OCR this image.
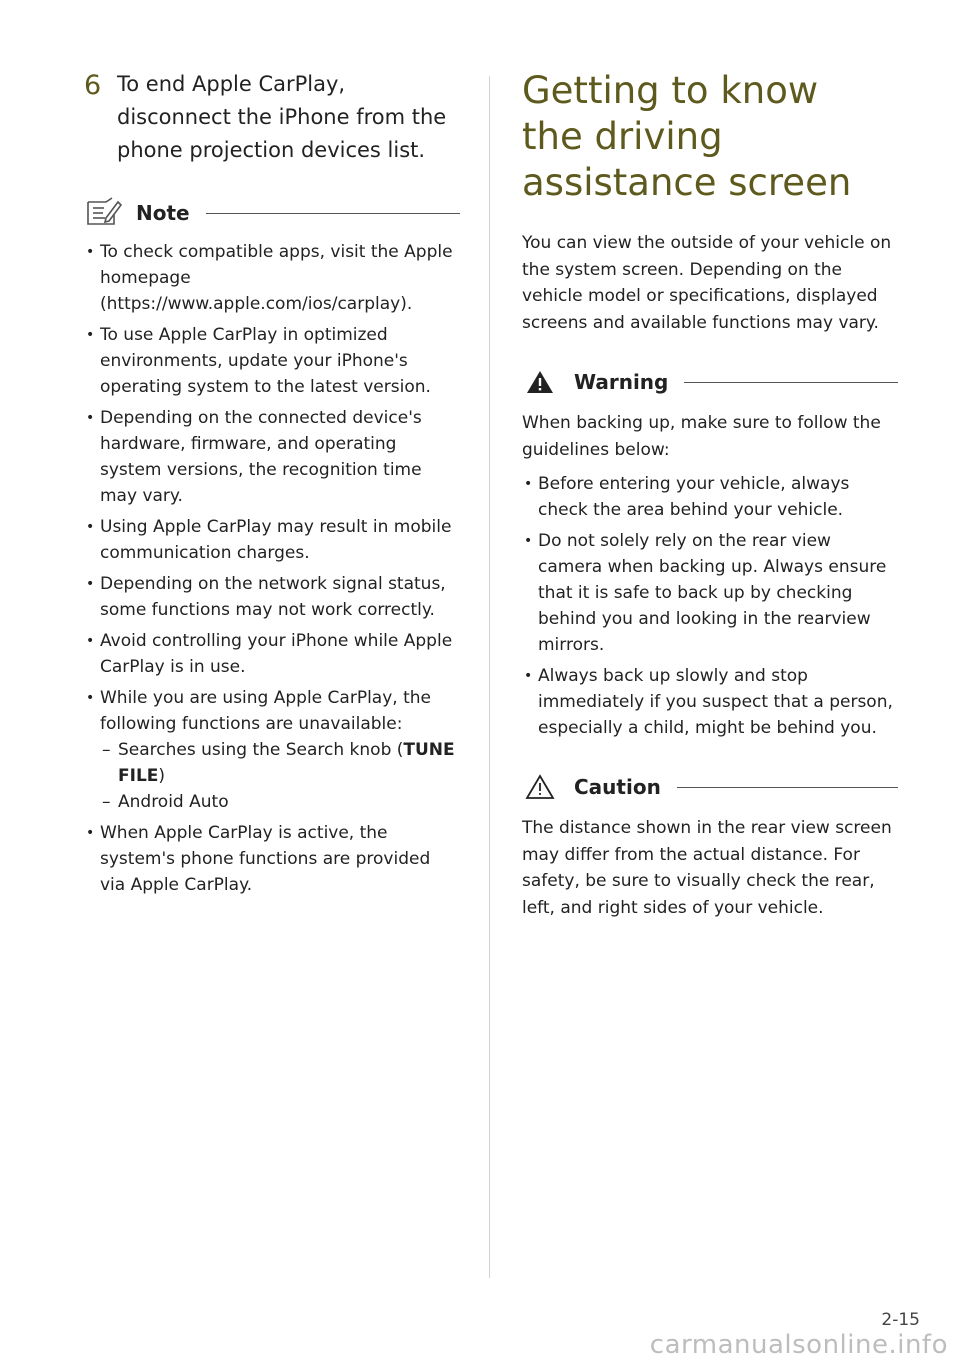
6 To end Apple CarPlay, disconnect the iPhone from the phone projection devices list.
Note
• To check compatible apps, visit the Apple homepage (https://www.apple.com/ios/carplay).
• To use Apple CarPlay in optimized environments, update your iPhone's operating system to the latest version.
• Depending on the connected device's hardware, firmware, and operating system versions, the recognition time may vary.
• Using Apple CarPlay may result in mobile communication charges.
• Depending on the network signal status, some functions may not work correctly.
• Avoid controlling your iPhone while Apple CarPlay is in use.
• While you are using Apple CarPlay, the following functions are unavailable:
– Searches using the Search knob (TUNE FILE)
– Android Auto
• When Apple CarPlay is active, the system's phone functions are provided via Apple CarPlay.
Getting to know the driving assistance screen
You can view the outside of your vehicle on the system screen. Depending on the vehicle model or specifications, displayed screens and available functions may vary.
Warning
When backing up, make sure to follow the guidelines below:
• Before entering your vehicle, always check the area behind your vehicle.
• Do not solely rely on the rear view camera when backing up. Always ensure that it is safe to back up by checking behind you and looking in the rearview mirrors.
• Always back up slowly and stop immediately if you suspect that a person, especially a child, might be behind you.
Caution
The distance shown in the rear view screen may differ from the actual distance. For safety, be sure to visually check the rear, left, and right sides of your vehicle.
2-15
carmanualsonline.info
